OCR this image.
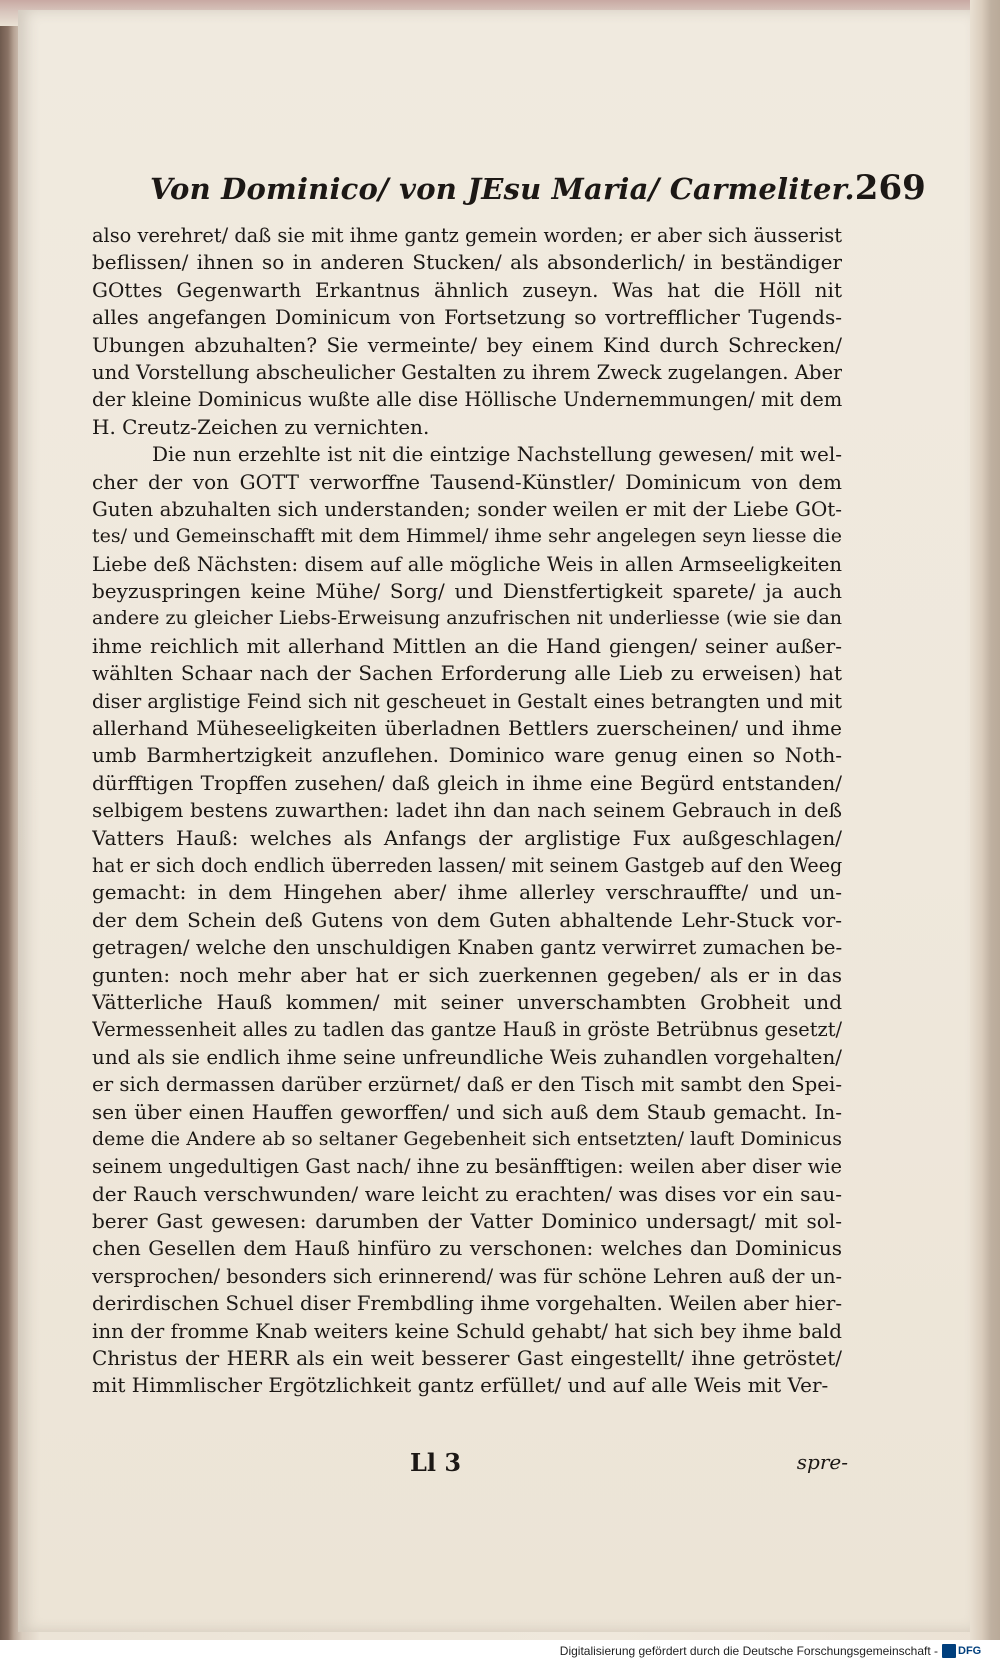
Von Dominico/ von JEsu Maria/ Carmeliter. 269
also verehret/ daß sie mit ihme gantz gemein worden; er aber sich äusserist
beflissen/ ihnen so in anderen Stucken/ als absonderlich/ in beständiger
GOttes Gegenwarth Erkantnus ähnlich zuseyn. Was hat die Höll nit
alles angefangen Dominicum von Fortsetzung so vortrefflicher Tugends-
Ubungen abzuhalten? Sie vermeinte/ bey einem Kind durch Schrecken/
und Vorstellung abscheulicher Gestalten zu ihrem Zweck zugelangen. Aber
der kleine Dominicus wußte alle dise Höllische Undernemmungen/ mit dem
H. Creutz-Zeichen zu vernichten.
Die nun erzehlte ist nit die eintzige Nachstellung gewesen/ mit wel-
cher der von GOTT verworffne Tausend-Künstler/ Dominicum von dem
Guten abzuhalten sich understanden; sonder weilen er mit der Liebe GOt-
tes/ und Gemeinschafft mit dem Himmel/ ihme sehr angelegen seyn liesse die
Liebe deß Nächsten: disem auf alle mögliche Weis in allen Armseeligkeiten
beyzuspringen keine Mühe/ Sorg/ und Dienstfertigkeit sparete/ ja auch
andere zu gleicher Liebs-Erweisung anzufrischen nit underliesse (wie sie dan
ihme reichlich mit allerhand Mittlen an die Hand giengen/ seiner außer-
wählten Schaar nach der Sachen Erforderung alle Lieb zu erweisen) hat
diser arglistige Feind sich nit gescheuet in Gestalt eines betrangten und mit
allerhand Müheseeligkeiten überladnen Bettlers zuerscheinen/ und ihme
umb Barmhertzigkeit anzuflehen. Dominico ware genug einen so Noth-
dürfftigen Tropffen zusehen/ daß gleich in ihme eine Begürd entstanden/
selbigem bestens zuwarthen: ladet ihn dan nach seinem Gebrauch in deß
Vatters Hauß: welches als Anfangs der arglistige Fux außgeschlagen/
hat er sich doch endlich überreden lassen/ mit seinem Gastgeb auf den Weeg
gemacht: in dem Hingehen aber/ ihme allerley verschrauffte/ und un-
der dem Schein deß Gutens von dem Guten abhaltende Lehr-Stuck vor-
getragen/ welche den unschuldigen Knaben gantz verwirret zumachen be-
gunten: noch mehr aber hat er sich zuerkennen gegeben/ als er in das
Vätterliche Hauß kommen/ mit seiner unverschambten Grobheit und
Vermessenheit alles zu tadlen das gantze Hauß in gröste Betrübnus gesetzt/
und als sie endlich ihme seine unfreundliche Weis zuhandlen vorgehalten/
er sich dermassen darüber erzürnet/ daß er den Tisch mit sambt den Spei-
sen über einen Hauffen geworffen/ und sich auß dem Staub gemacht. In-
deme die Andere ab so seltaner Gegebenheit sich entsetzten/ lauft Dominicus
seinem ungedultigen Gast nach/ ihne zu besänfftigen: weilen aber diser wie
der Rauch verschwunden/ ware leicht zu erachten/ was dises vor ein sau-
berer Gast gewesen: darumben der Vatter Dominico undersagt/ mit sol-
chen Gesellen dem Hauß hinfüro zu verschonen: welches dan Dominicus
versprochen/ besonders sich erinnerend/ was für schöne Lehren auß der un-
derirdischen Schuel diser Frembdling ihme vorgehalten. Weilen aber hier-
inn der fromme Knab weiters keine Schuld gehabt/ hat sich bey ihme bald
Christus der HERR als ein weit besserer Gast eingestellt/ ihne getröstet/
mit Himmlischer Ergötzlichkeit gantz erfüllet/ und auf alle Weis mit Ver-
Ll 3	spre-
Digitalisierung gefördert durch die Deutsche Forschungsgemeinschaft - DFG
